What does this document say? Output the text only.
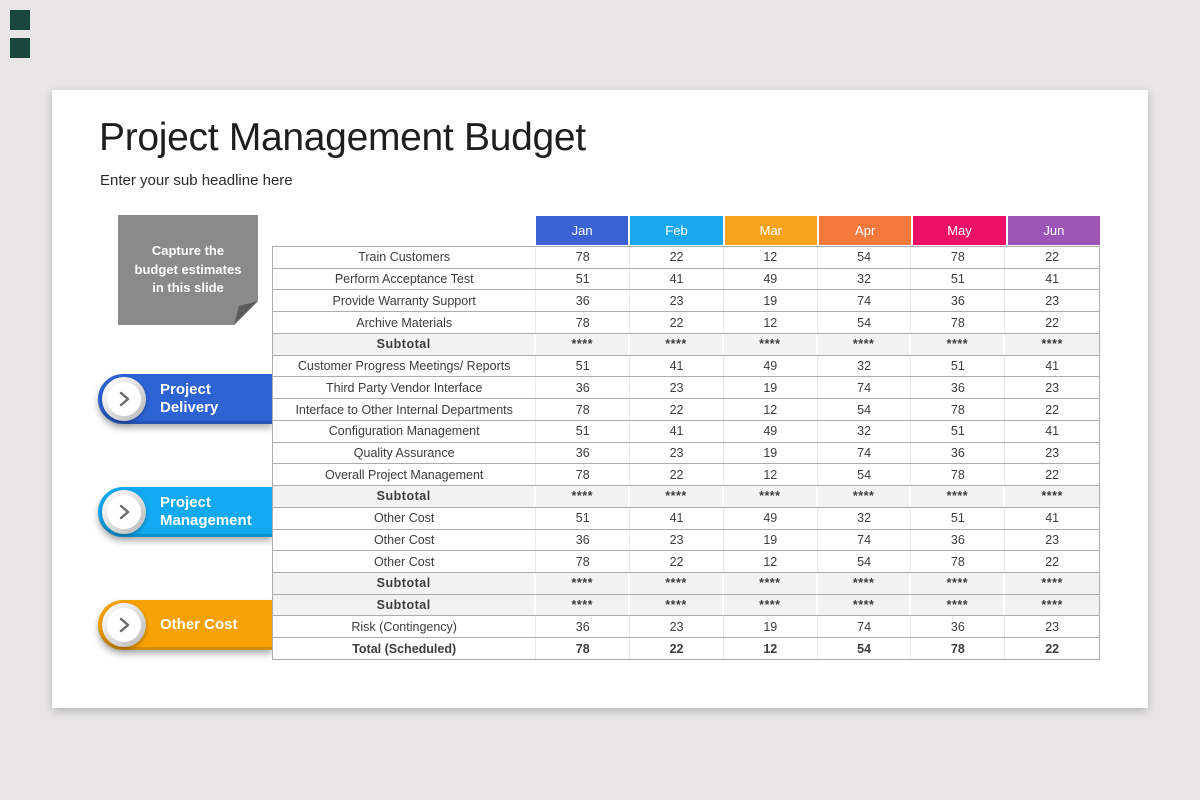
Project Management Budget
Enter your sub headline here
Capture the budget estimates in this slide
Project Delivery
Project Management
Other Cost
Jan	Feb	Mar	Apr	May	Jun
Train Customers	78	22	12	54	78	22
Perform Acceptance Test	51	41	49	32	51	41
Provide Warranty Support	36	23	19	74	36	23
Archive Materials	78	22	12	54	78	22
Subtotal	****	****	****	****	****	****
Customer Progress Meetings/ Reports	51	41	49	32	51	41
Third Party Vendor Interface	36	23	19	74	36	23
Interface to Other Internal Departments	78	22	12	54	78	22
Configuration Management	51	41	49	32	51	41
Quality Assurance	36	23	19	74	36	23
Overall Project Management	78	22	12	54	78	22
Subtotal	****	****	****	****	****	****
Other Cost	51	41	49	32	51	41
Other Cost	36	23	19	74	36	23
Other Cost	78	22	12	54	78	22
Subtotal	****	****	****	****	****	****
Subtotal	****	****	****	****	****	****
Risk (Contingency)	36	23	19	74	36	23
Total (Scheduled)	78	22	12	54	78	22
